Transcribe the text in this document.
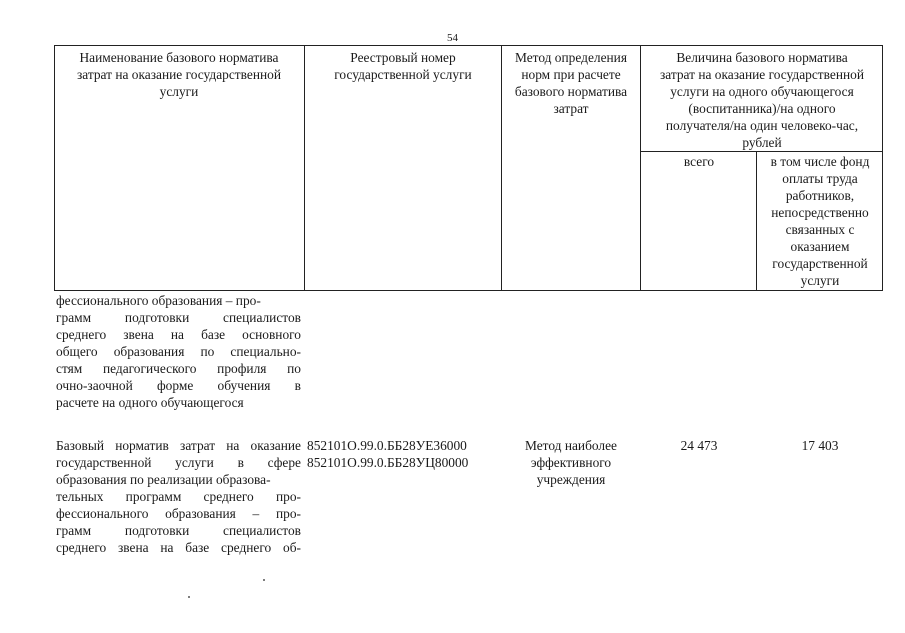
54
Наименование базового норматива
затрат на оказание государственной
услуги
Реестровый номер
государственной услуги
Метод определения
норм при расчете
базового норматива
затрат
Величина базового норматива
затрат на оказание государственной
услуги на одного обучающегося
(воспитанника)/на одного
получателя/на один человеко-час,
рублей
всего	в том числе фонд
оплаты труда
работников,
непосредственно
связанных с
оказанием
государственной
услуги
фессионального образования – про-
грамм подготовки специалистов
среднего звена на базе основного
общего образования по специально-
стям педагогического профиля по
очно-заочной форме обучения в
расчете на одного обучающегося
Базовый норматив затрат на оказание
государственной услуги в сфере
образования по реализации образова-
тельных программ среднего про-
фессионального образования – про-
грамм подготовки специалистов
среднего звена на базе среднего об-
852101О.99.0.ББ28УЕ36000
852101О.99.0.ББ28УЦ80000
Метод наиболее
эффективного
учреждения
24 473	17 403
